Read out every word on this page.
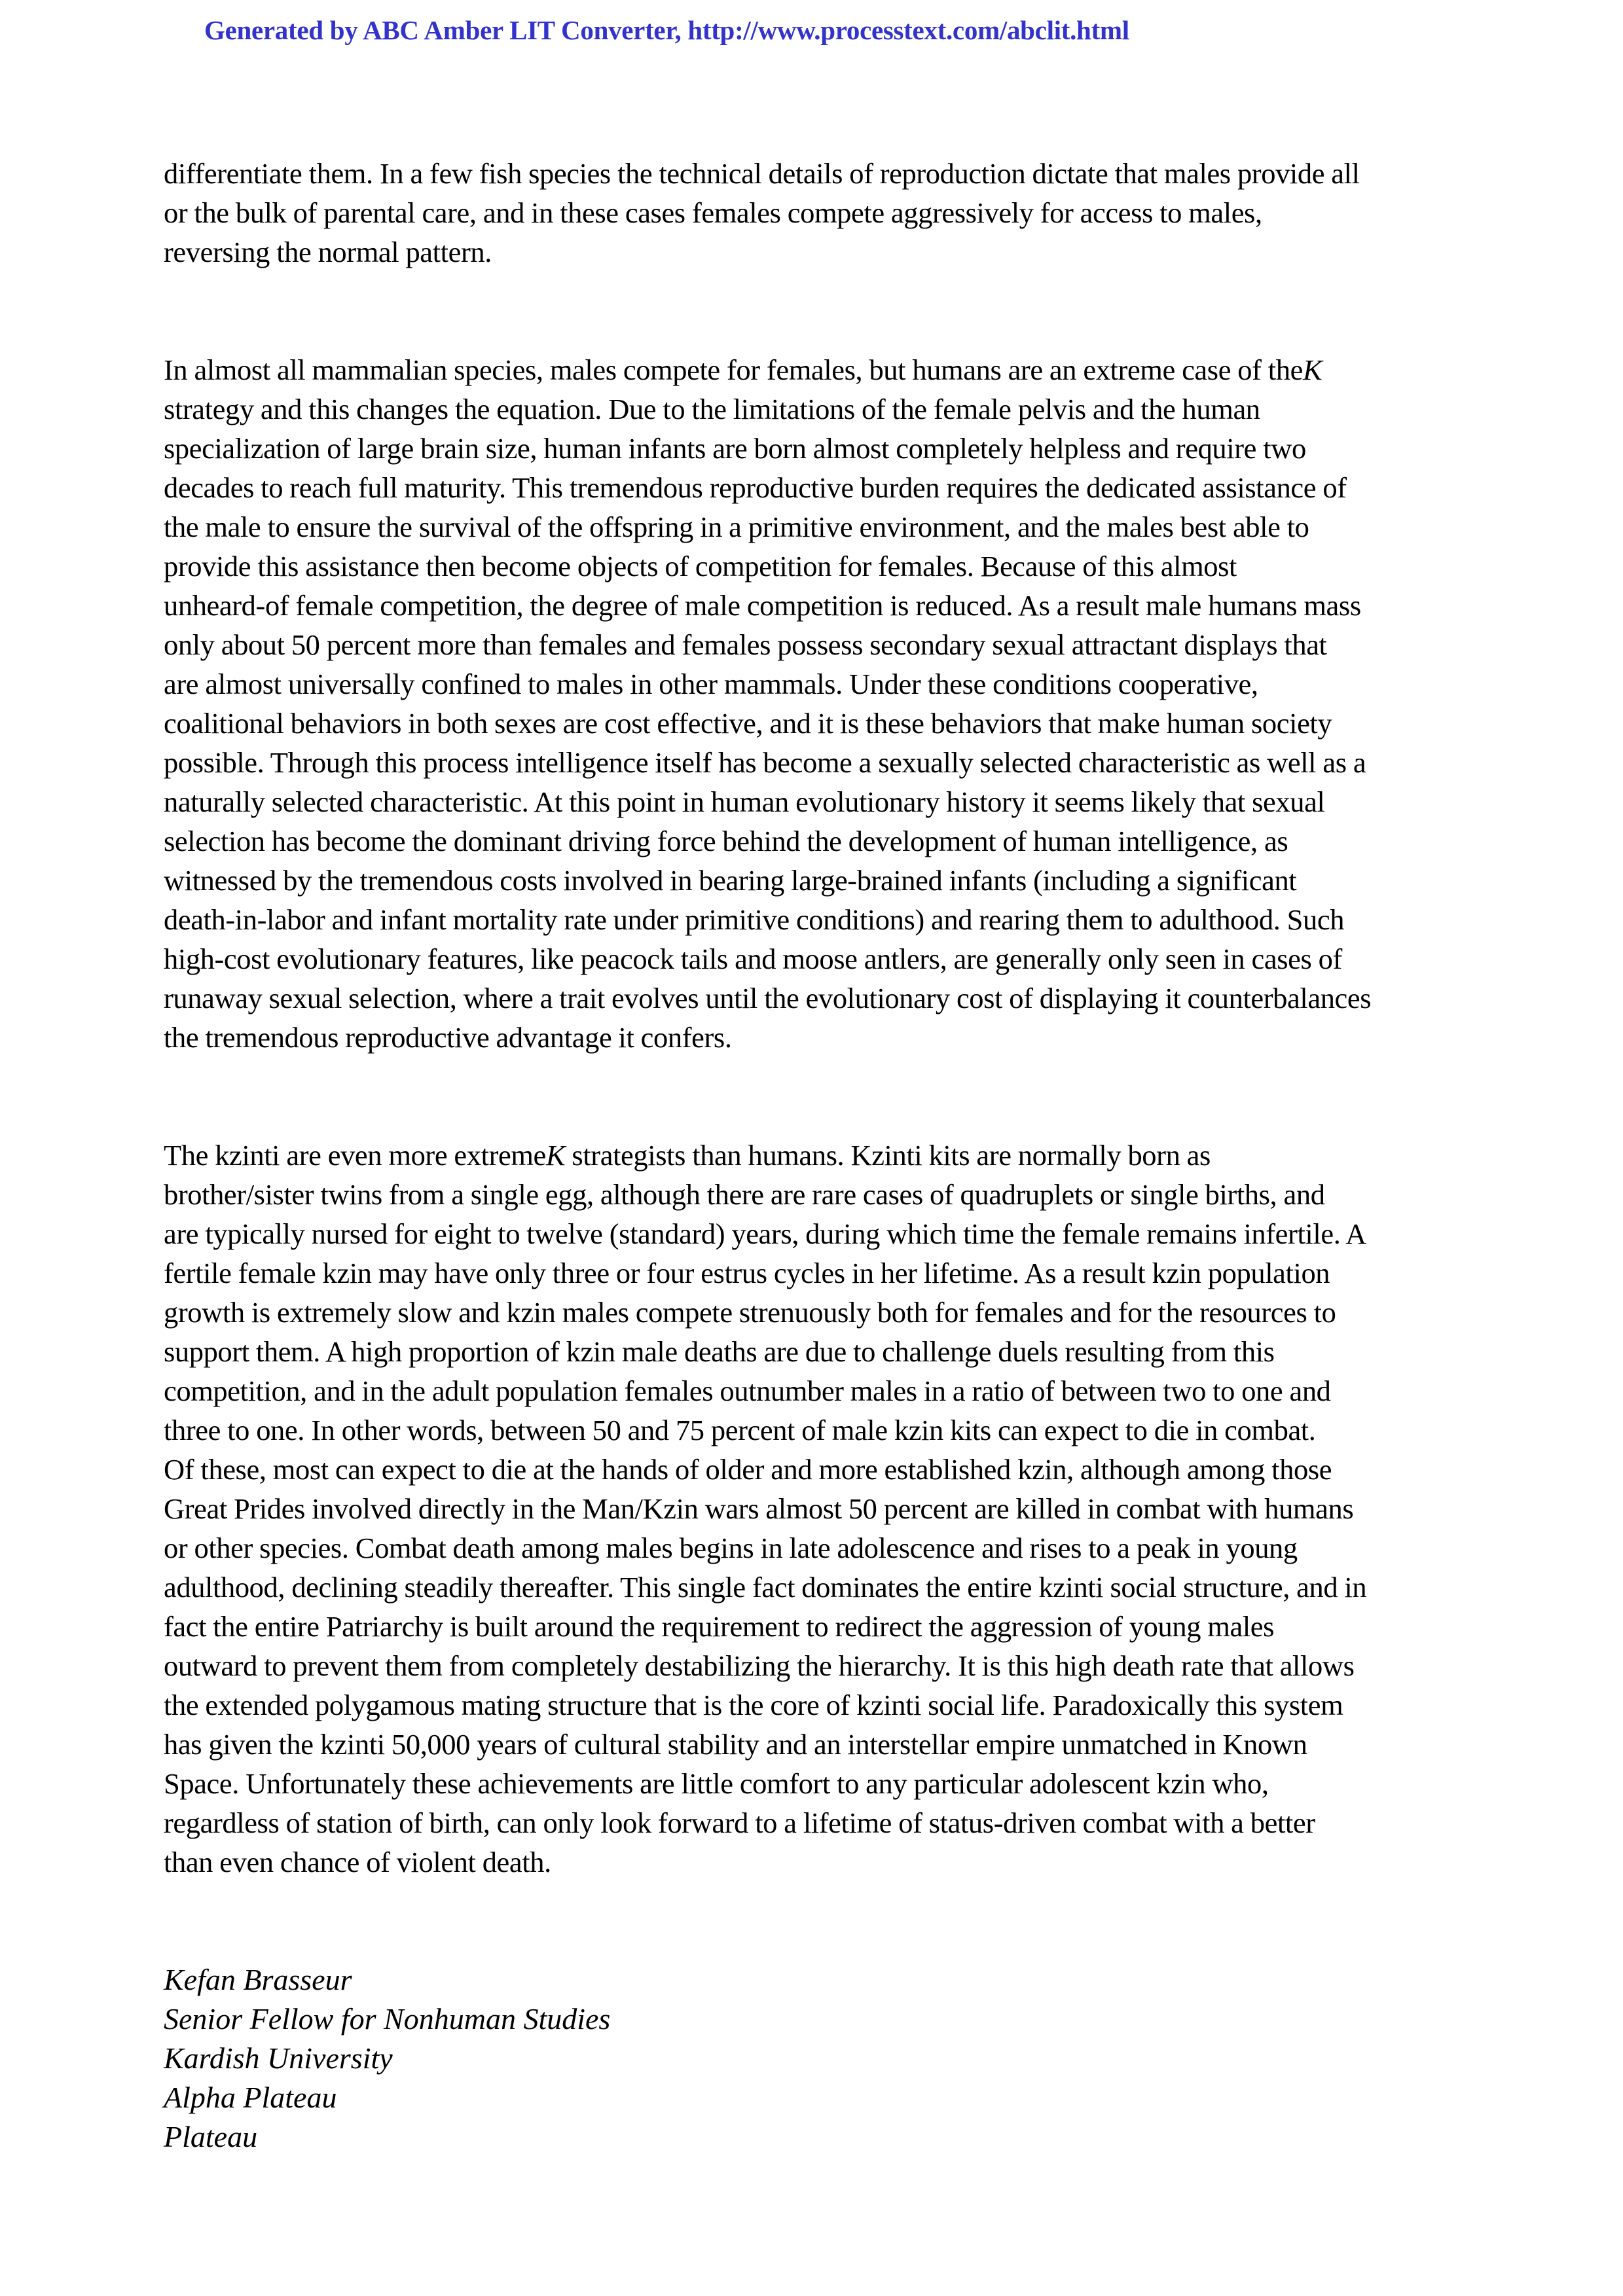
Generated by ABC Amber LIT Converter, http://www.processtext.com/abclit.html
differentiate them. In a few fish species the technical details of reproduction dictate that males provide all
or the bulk of parental care, and in these cases females compete aggressively for access to males,
reversing the normal pattern.
In almost all mammalian species, males compete for females, but humans are an extreme case of theK
strategy and this changes the equation. Due to the limitations of the female pelvis and the human
specialization of large brain size, human infants are born almost completely helpless and require two
decades to reach full maturity. This tremendous reproductive burden requires the dedicated assistance of
the male to ensure the survival of the offspring in a primitive environment, and the males best able to
provide this assistance then become objects of competition for females. Because of this almost
unheard-of female competition, the degree of male competition is reduced. As a result male humans mass
only about 50 percent more than females and females possess secondary sexual attractant displays that
are almost universally confined to males in other mammals. Under these conditions cooperative,
coalitional behaviors in both sexes are cost effective, and it is these behaviors that make human society
possible. Through this process intelligence itself has become a sexually selected characteristic as well as a
naturally selected characteristic. At this point in human evolutionary history it seems likely that sexual
selection has become the dominant driving force behind the development of human intelligence, as
witnessed by the tremendous costs involved in bearing large-brained infants (including a significant
death-in-labor and infant mortality rate under primitive conditions) and rearing them to adulthood. Such
high-cost evolutionary features, like peacock tails and moose antlers, are generally only seen in cases of
runaway sexual selection, where a trait evolves until the evolutionary cost of displaying it counterbalances
the tremendous reproductive advantage it confers.
The kzinti are even more extremeK strategists than humans. Kzinti kits are normally born as
brother/sister twins from a single egg, although there are rare cases of quadruplets or single births, and
are typically nursed for eight to twelve (standard) years, during which time the female remains infertile. A
fertile female kzin may have only three or four estrus cycles in her lifetime. As a result kzin population
growth is extremely slow and kzin males compete strenuously both for females and for the resources to
support them. A high proportion of kzin male deaths are due to challenge duels resulting from this
competition, and in the adult population females outnumber males in a ratio of between two to one and
three to one. In other words, between 50 and 75 percent of male kzin kits can expect to die in combat.
Of these, most can expect to die at the hands of older and more established kzin, although among those
Great Prides involved directly in the Man/Kzin wars almost 50 percent are killed in combat with humans
or other species. Combat death among males begins in late adolescence and rises to a peak in young
adulthood, declining steadily thereafter. This single fact dominates the entire kzinti social structure, and in
fact the entire Patriarchy is built around the requirement to redirect the aggression of young males
outward to prevent them from completely destabilizing the hierarchy. It is this high death rate that allows
the extended polygamous mating structure that is the core of kzinti social life. Paradoxically this system
has given the kzinti 50,000 years of cultural stability and an interstellar empire unmatched in Known
Space. Unfortunately these achievements are little comfort to any particular adolescent kzin who,
regardless of station of birth, can only look forward to a lifetime of status-driven combat with a better
than even chance of violent death.
Kefan Brasseur
Senior Fellow for Nonhuman Studies
Kardish University
Alpha Plateau
Plateau
